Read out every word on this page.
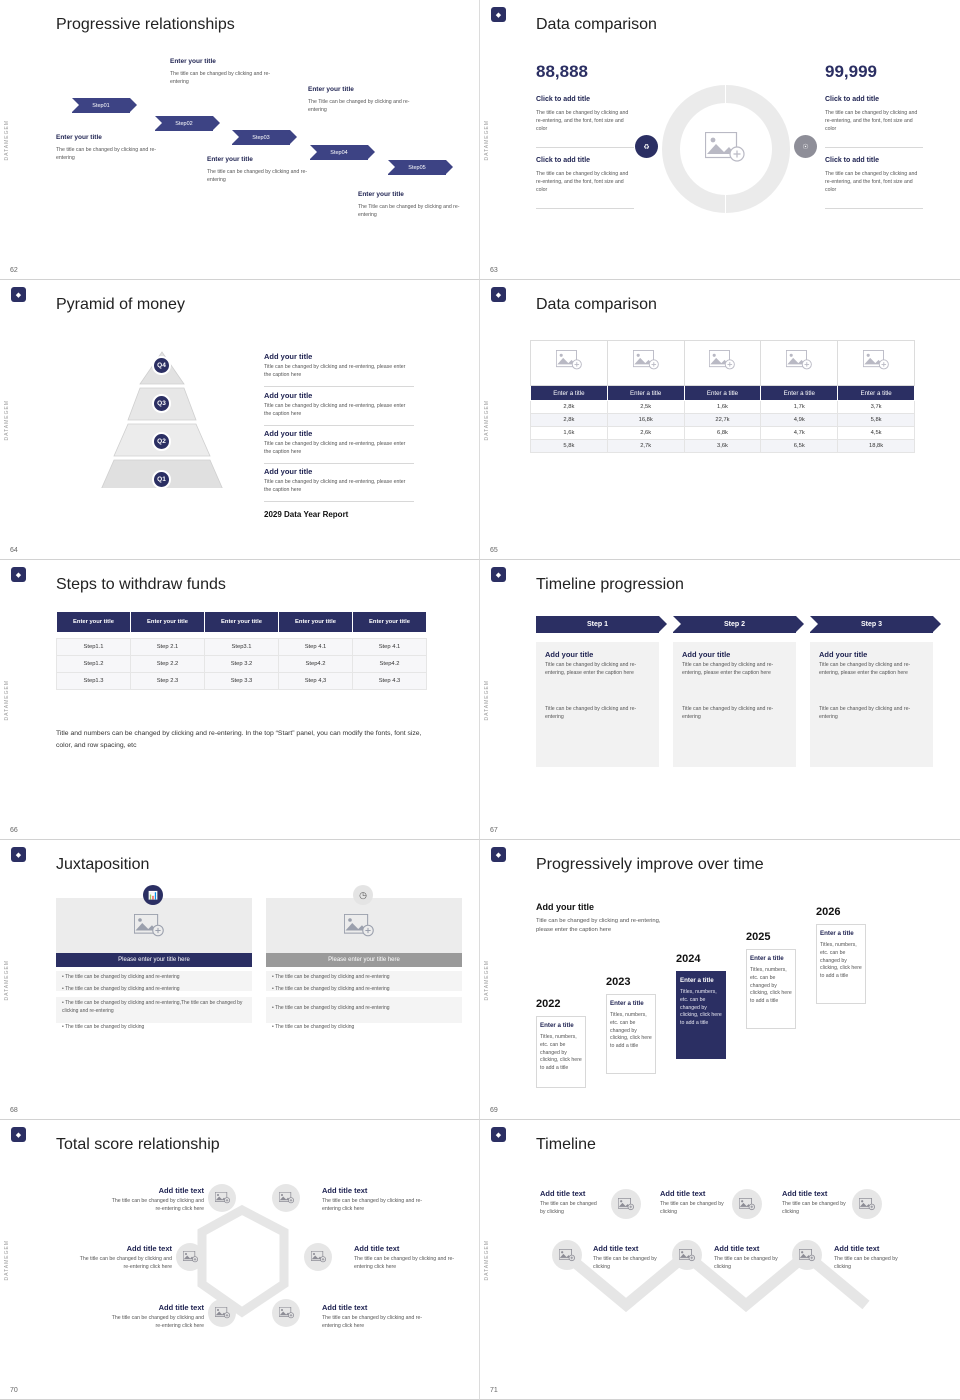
DATAMEGEM
Progressive relationships
Step01
Step02
Step03
Step04
Step05
Enter your title
The title can be changed by clicking and re-entering
Enter your title
The title can be changed by clicking and re-entering
Enter your title
The title can be changed by clicking and re-entering
Enter your title
The Title can be changed by clicking and re-entering
Enter your title
The Title can be changed by clicking and re-entering
62
◆
DATAMEGEM
Data comparison
88,888
Click to add title
The title can be changed by clicking and re-entering, and the font, font size and color
Click to add title
The title can be changed by clicking and re-entering, and the font, font size and color
99,999
Click to add title
The title can be changed by clicking and re-entering, and the font, font size and color
Click to add title
The title can be changed by clicking and re-entering, and the font, font size and color
♻	☉
63
◆
DATAMEGEM
Pyramid of money
Q4
Q3
Q2
Q1
Add your title
Title can be changed by clicking and re-entering, please enter the caption here
Add your title
Title can be changed by clicking and re-entering, please enter the caption here
Add your title
Title can be changed by clicking and re-entering, please enter the caption here
Add your title
Title can be changed by clicking and re-entering, please enter the caption here
2029 Data Year Report
64
◆
DATAMEGEM
Data comparison

Enter a title	Enter a title	Enter a title	Enter a title	Enter a title
2,8k	2,5k	1,6k	1,7k	3,7k
2,8k	16,8k	22,7k	4,9k	5,8k
1,6k	2,6k	6,8k	4,7k	4,5k
5,8k	2,7k	3,6k	6,5k	18,8k
65
◆
DATAMEGEM
Steps to withdraw funds
Enter your title	Enter your title	Enter your title	Enter your title	Enter your title

Step1.1	Step 2.1	Step3.1	Step 4.1	Step 4.1
Step1.2	Step 2.2	Step 3.2	Step4.2	Step4.2
Step1.3	Step 2.3	Step 3.3	Step 4,3	Step 4.3
Title and numbers can be changed by clicking and re-entering. In the top “Start” panel, you can modify the fonts, font size, color, and row spacing, etc
66
◆
DATAMEGEM
Timeline progression
Step 1	Step 2	Step 3
Add your title
Title can be changed by clicking and re-entering, please enter the caption here
Title can be changed by clicking and re-entering
Add your title
Title can be changed by clicking and re-entering, please enter the caption here
Title can be changed by clicking and re-entering
Add your title
Title can be changed by clicking and re-entering, please enter the caption here
Title can be changed by clicking and re-entering
67
◆
DATAMEGEM
Juxtaposition
📊
Please enter your title here
• The title can be changed by clicking and re-entering
• The title can be changed by clicking and re-entering
• The title can be changed by clicking and re-entering,The title can be changed by clicking and re-entering
• The title can be changed by clicking
◷
Please enter your title here
• The title can be changed by clicking and re-entering
• The title can be changed by clicking and re-entering
• The title can be changed by clicking and re-entering
• The title can be changed by clicking
68
◆
DATAMEGEM
Progressively improve over time
Add your title
Title can be changed by clicking and re-entering, please enter the caption here
2022
Enter a title
Titles, numbers, etc. can be changed by clicking, click here to add a title
2023
Enter a title
Titles, numbers, etc. can be changed by clicking, click here to add a title
2024
Enter a title
Titles, numbers, etc. can be changed by clicking, click here to add a title
2025
Enter a title
Titles, numbers, etc. can be changed by clicking, click here to add a title
2026
Enter a title
Titles, numbers, etc. can be changed by clicking, click here to add a title
69
◆
DATAMEGEM
Total score relationship
Add title text
The title can be changed by clicking and re-entering click here
Add title text
The title can be changed by clicking and re-entering click here
Add title text
The title can be changed by clicking and re-entering click here
Add title text
The title can be changed by clicking and re-entering click here
Add title text
The title can be changed by clicking and re-entering click here
Add title text
The title can be changed by clicking and re-entering click here
70
◆
DATAMEGEM
Timeline
Add title text
The title can be changed by clicking
Add title text
The title can be changed by clicking
Add title text
The title can be changed by clicking
Add title text
The title can be changed by clicking
Add title text
The title can be changed by clicking
Add title text
The title can be changed by clicking
71
